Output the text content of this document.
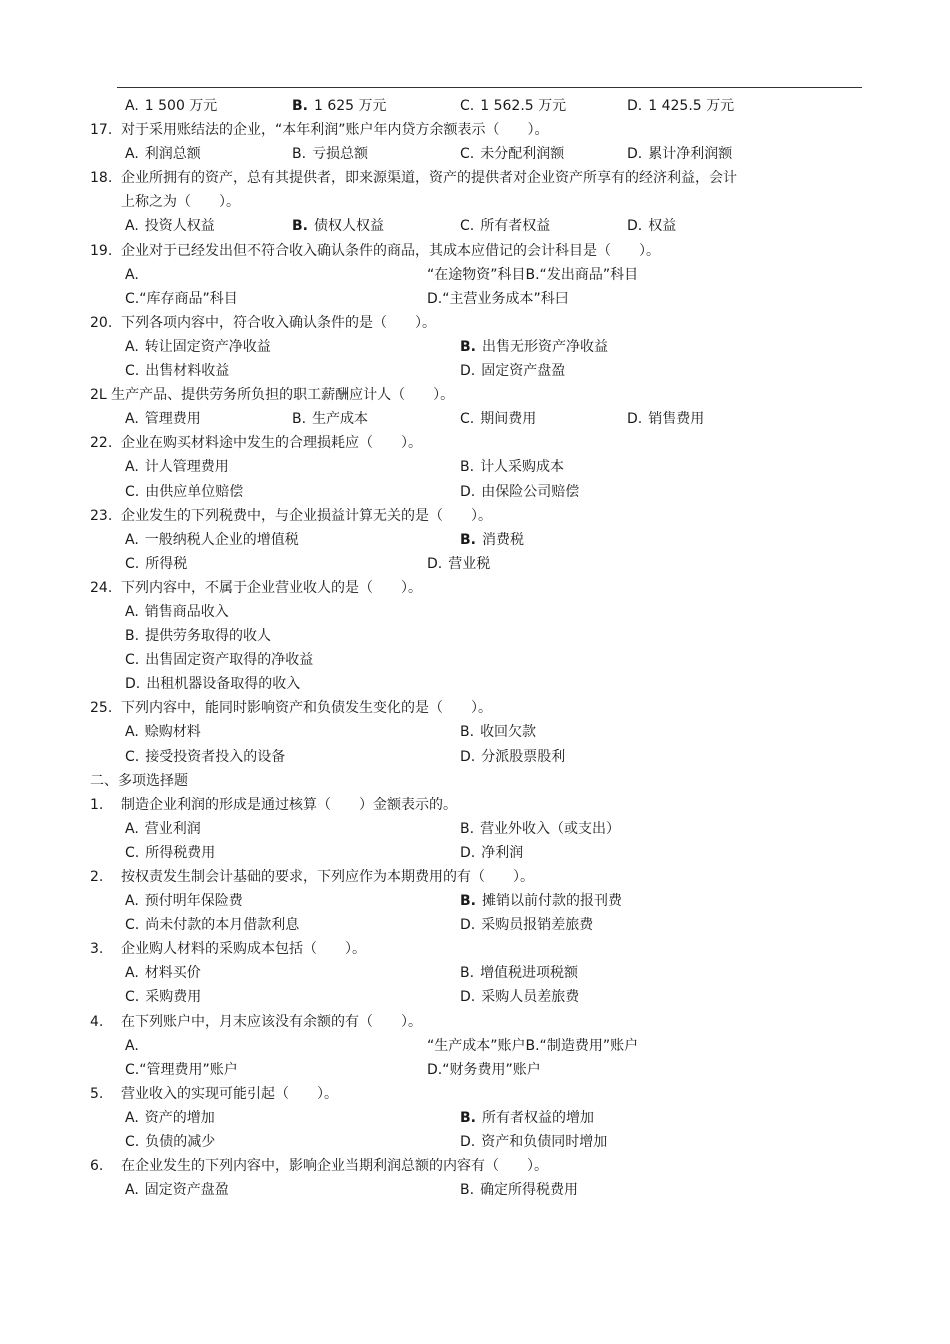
A. 1 500 万元	B. 1 625 万元	C. 1 562.5 万元	D. 1 425.5 万元
17. 对于采用账结法的企业，“本年利润”账户年内贷方余额表示（　　）。
A. 利润总额	B. 亏损总额	C. 未分配利润额	D. 累计净利润额
18. 企业所拥有的资产，总有其提供者，即来源渠道，资产的提供者对企业资产所享有的经济利益，会计
上称之为（　　）。
A. 投资人权益	B. 债权人权益	C. 所有者权益	D. 权益
19. 企业对于已经发出但不符合收入确认条件的商品，其成本应借记的会计科目是（　　）。
A.	“在途物资”科目B.“发出商品”科目
C.“库存商品”科目	D.“主营业务成本”科曰
20. 下列各项内容中，符合收入确认条件的是（　　）。
A. 转让固定资产净收益	B. 出售无形资产净收益
C. 出售材料收益	D. 固定资产盘盈
2L 生产产品、提供劳务所负担的职工薪酬应计人（　　）。
A. 管理费用	B. 生产成本	C. 期间费用	D. 销售费用
22. 企业在购买材料途中发生的合理损耗应（　　）。
A. 计人管理费用	B. 计人采购成本
C. 由供应单位赔偿	D. 由保险公司赔偿
23. 企业发生的下列税费中，与企业损益计算无关的是（　　）。
A. 一般纳税人企业的增值税	B. 消费税
C. 所得税	D. 营业税
24. 下列内容中，不属于企业营业收人的是（　　）。
A. 销售商品收入
B. 提供劳务取得的收人
C. 出售固定资产取得的净收益
D. 出租机器设备取得的收入
25. 下列内容中，能同时影响资产和负债发生变化的是（　　）。
A. 赊购材料	B. 收回欠款
C. 接受投资者投入的设备	D. 分派股票股利
二、多项选择题
1. 制造企业利润的形成是通过核算（　　）金额表示的。
A. 营业利润	B. 营业外收入（或支出）
C. 所得税费用	D. 净利润
2. 按权责发生制会计基础的要求，下列应作为本期费用的有（　　）。
A. 预付明年保险费	B. 摊销以前付款的报刊费
C. 尚未付款的本月借款利息	D. 采购员报销差旅费
3. 企业购人材料的采购成本包括（　　）。
A. 材料买价	B. 增值税进项税额
C. 采购费用	D. 采购人员差旅费
4. 在下列账户中，月末应该没有余额的有（　　）。
A.	“生产成本”账户B.“制造费用”账户
C.“管理费用”账户	D.“财务费用”账户
5. 营业收入的实现可能引起（　　）。
A. 资产的增加	B. 所有者权益的增加
C. 负债的减少	D. 资产和负债同时增加
6. 在企业发生的下列内容中，影响企业当期利润总额的内容有（　　）。
A. 固定资产盘盈	B. 确定所得税费用
